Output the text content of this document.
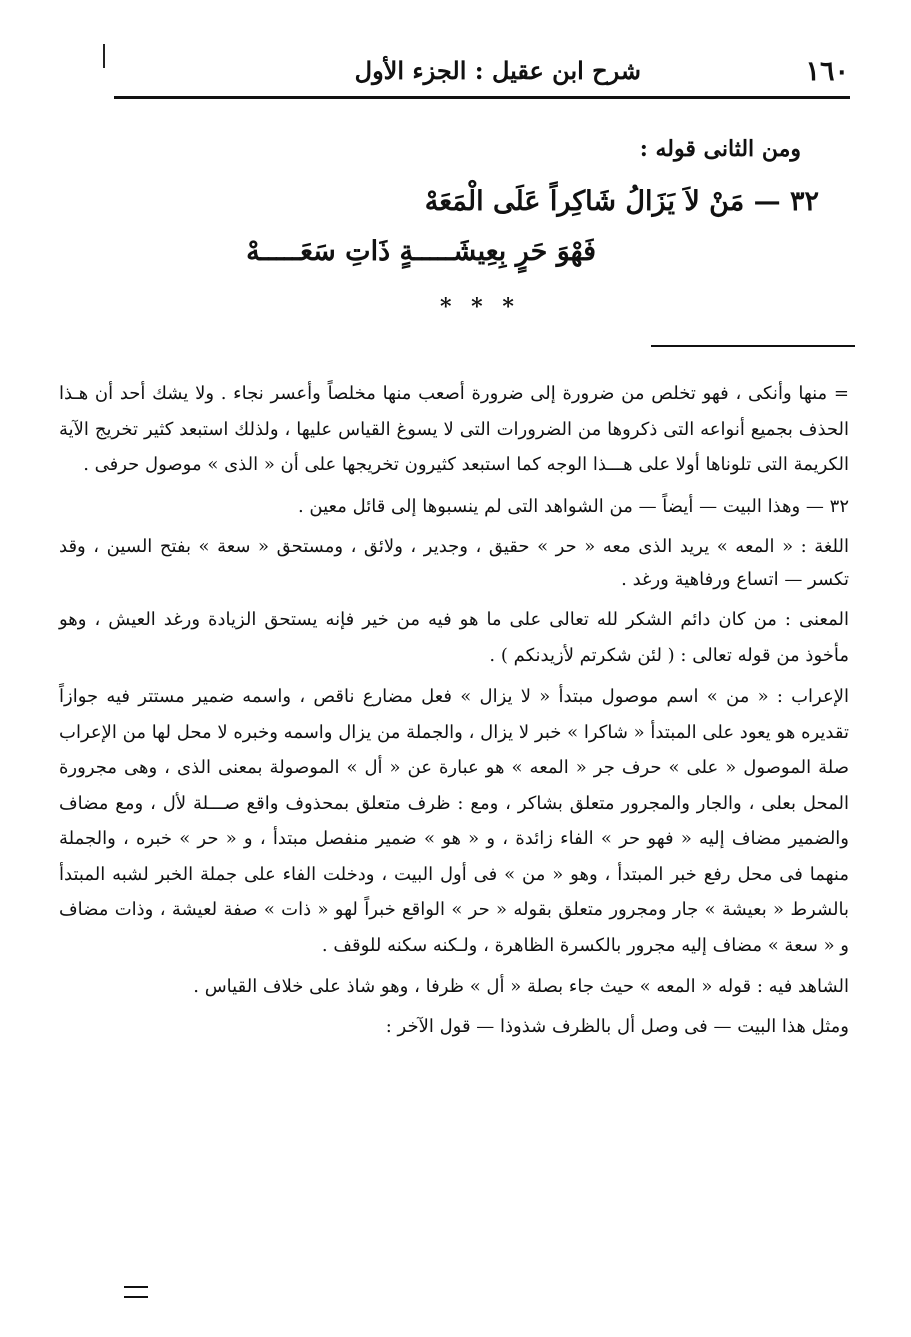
١٦٠
شرح ابن عقيل : الجزء الأول
ومن الثانى قوله :
٣٢ — مَنْ لاَ يَزَالُ شَاكِراً عَلَى الْمَعَهْ
فَهْوَ حَرٍ بِعِيشَـــــةٍ ذَاتِ سَعَـــــهْ
* * *

= منها وأنكى ، فهو تخلص من ضرورة إلى ضرورة أصعب منها مخلصاً وأعسر نجاء . ولا يشك أحد أن هـذا الحذف بجميع أنواعه التى ذكروها من الضرورات التى لا يسوغ القياس عليها ، ولذلك استبعد كثير تخريج الآية الكريمة التى تلوناها أولا على هـــذا الوجه كما استبعد كثيرون تخريجها على أن « الذى » موصول حرفى .

٣٢ — وهذا البيت — أيضاً — من الشواهد التى لم ينسبوها إلى قائل معين .

اللغة : « المعه » يريد الذى معه « حر » حقيق ، وجدير ، ولائق ، ومستحق « سعة » بفتح السين ، وقد تكسر — اتساع ورفاهية ورغد .

المعنى : من كان دائم الشكر لله تعالى على ما هو فيه من خير فإنه يستحق الزيادة ورغد العيش ، وهو مأخوذ من قوله تعالى : ( لئن شكرتم لأزيدنكم ) .

الإعراب : « من » اسم موصول مبتدأ « لا يزال » فعل مضارع ناقص ، واسمه ضمير مستتر فيه جوازاً تقديره هو يعود على المبتدأ « شاكرا » خبر لا يزال ، والجملة من يزال واسمه وخبره لا محل لها من الإعراب صلة الموصول « على » حرف جر « المعه » هو عبارة عن « أل » الموصولة بمعنى الذى ، وهى مجرورة المحل بعلى ، والجار والمجرور متعلق بشاكر ، ومع : ظرف متعلق بمحذوف واقع صـــلة لأل ، ومع مضاف والضمير مضاف إليه « فهو حر » الفاء زائدة ، و « هو » ضمير منفصل مبتدأ ، و « حر » خبره ، والجملة منهما فى محل رفع خبر المبتدأ ، وهو « من » فى أول البيت ، ودخلت الفاء على جملة الخبر لشبه المبتدأ بالشرط « بعيشة » جار ومجرور متعلق بقوله « حر » الواقع خبراً لهو « ذات » صفة لعيشة ، وذات مضاف و « سعة » مضاف إليه مجرور بالكسرة الظاهرة ، ولـكنه سكنه للوقف .

الشاهد فيه : قوله « المعه » حيث جاء بصلة « أل » ظرفا ، وهو شاذ على خلاف القياس .

ومثل هذا البيت — فى وصل أل بالظرف شذوذا — قول الآخر :
